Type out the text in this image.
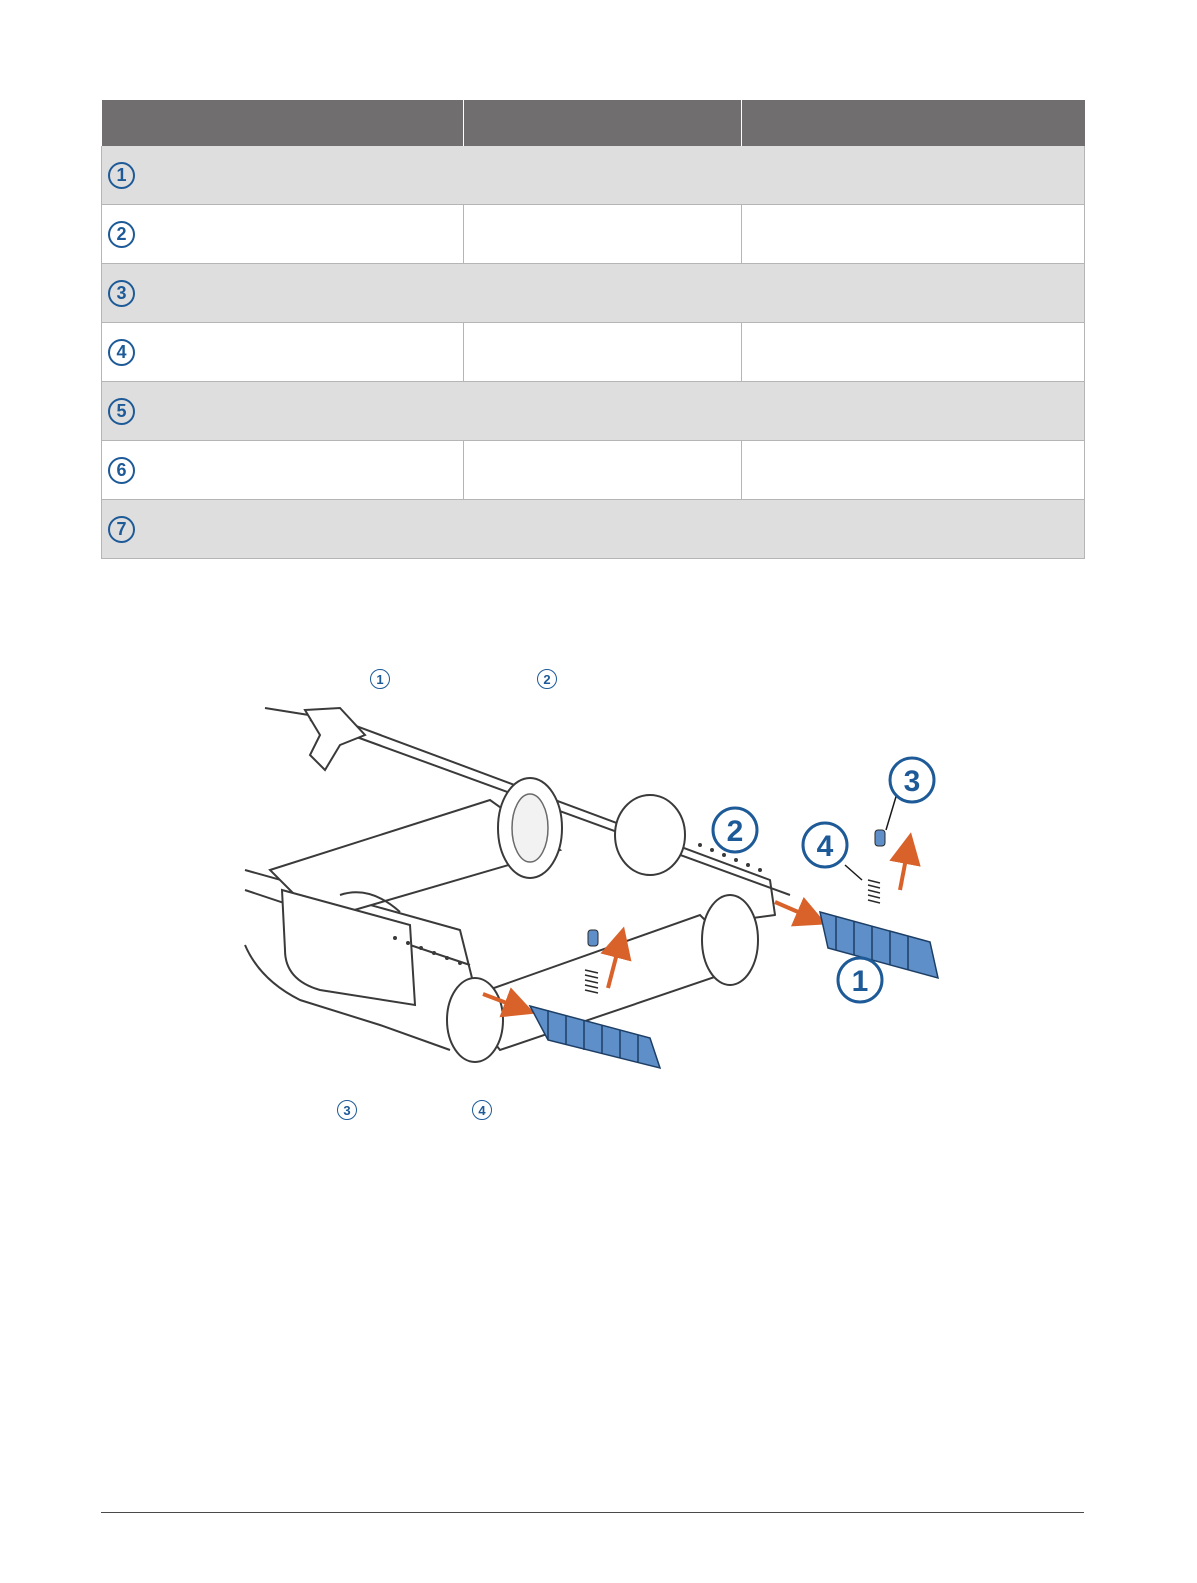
1		
2		
3		
4		
5		
6		
7		
1	2
3	4
1
2
3
4
